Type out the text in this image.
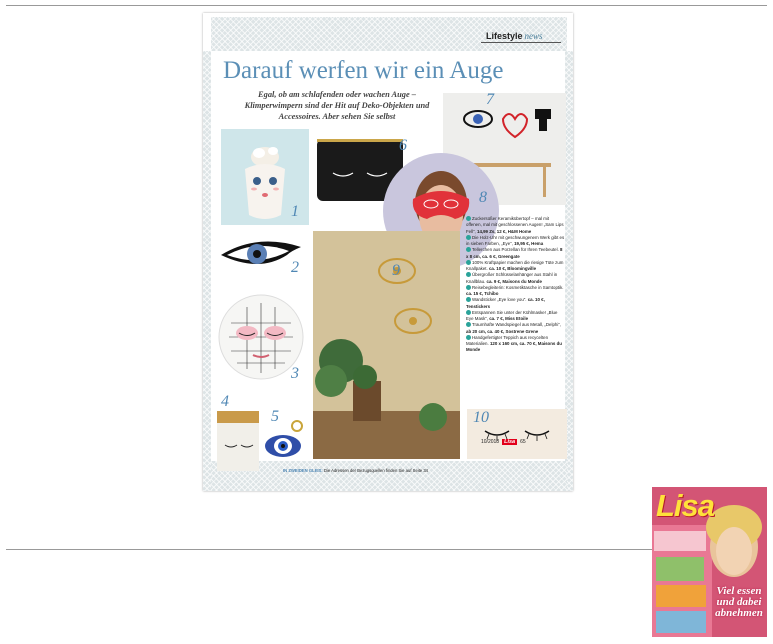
Lifestyle news
Darauf werfen wir ein Auge
Egal, ob am schlafenden oder wachen Auge – Klimperwimpern sind der Hit auf Deko-Objekten und Accessoires. Aber sehen Sie selbst
1
2
3
4
5
6
7
8
9
10
Zuckersüßer Keramikübertopf – mal mit offenen, mal mit geschlossenen Augen! „Sam Lips Fell“, 14,99 Zs, 12 €, H&M Home
Die Holz-Uhr mit geschwungenem Werk gibt es in sieben Farben, „Eye“, 19,95 €, Hema
Tellerchen aus Porzellan für Ihren Teebeutel. 8 x 8 cm, ca. 6 €, Greengate
100% Kraftpapier machen die riesige Tüte zum Knallpaket. ca. 10 €, Bloomingville
Übergroßer Schlüsselanhänger aus Stahl in Knallblau. ca. 9 €, Maisons du Monde
Reisebegleiterin: Kosmetiktasche in Samtoptik. ca. 15 €, Tchibo
Wandsticker „Eye love you“. ca. 10 €, Tenstickers
Entspannen Sie unter der Kühlmaske! „Blue Eye Mask“, ca. 7 €, Miss Etoile
Traumhafte Wandspiegel aus Metall, „Delphi“, ab 20 cm, ca. 40 €, Sostrene Grene
Handgefertigter Teppich aus recycelten Materialien. 120 x 160 cm, ca. 70 €, Maisons du Monde
10/2018 Lisa 65
IN ZWEIDEN GLEIS: Die Adressen der Bezugsquellen finden Sie auf Seite 34
Lisa
Viel essen und dabei abnehmen
